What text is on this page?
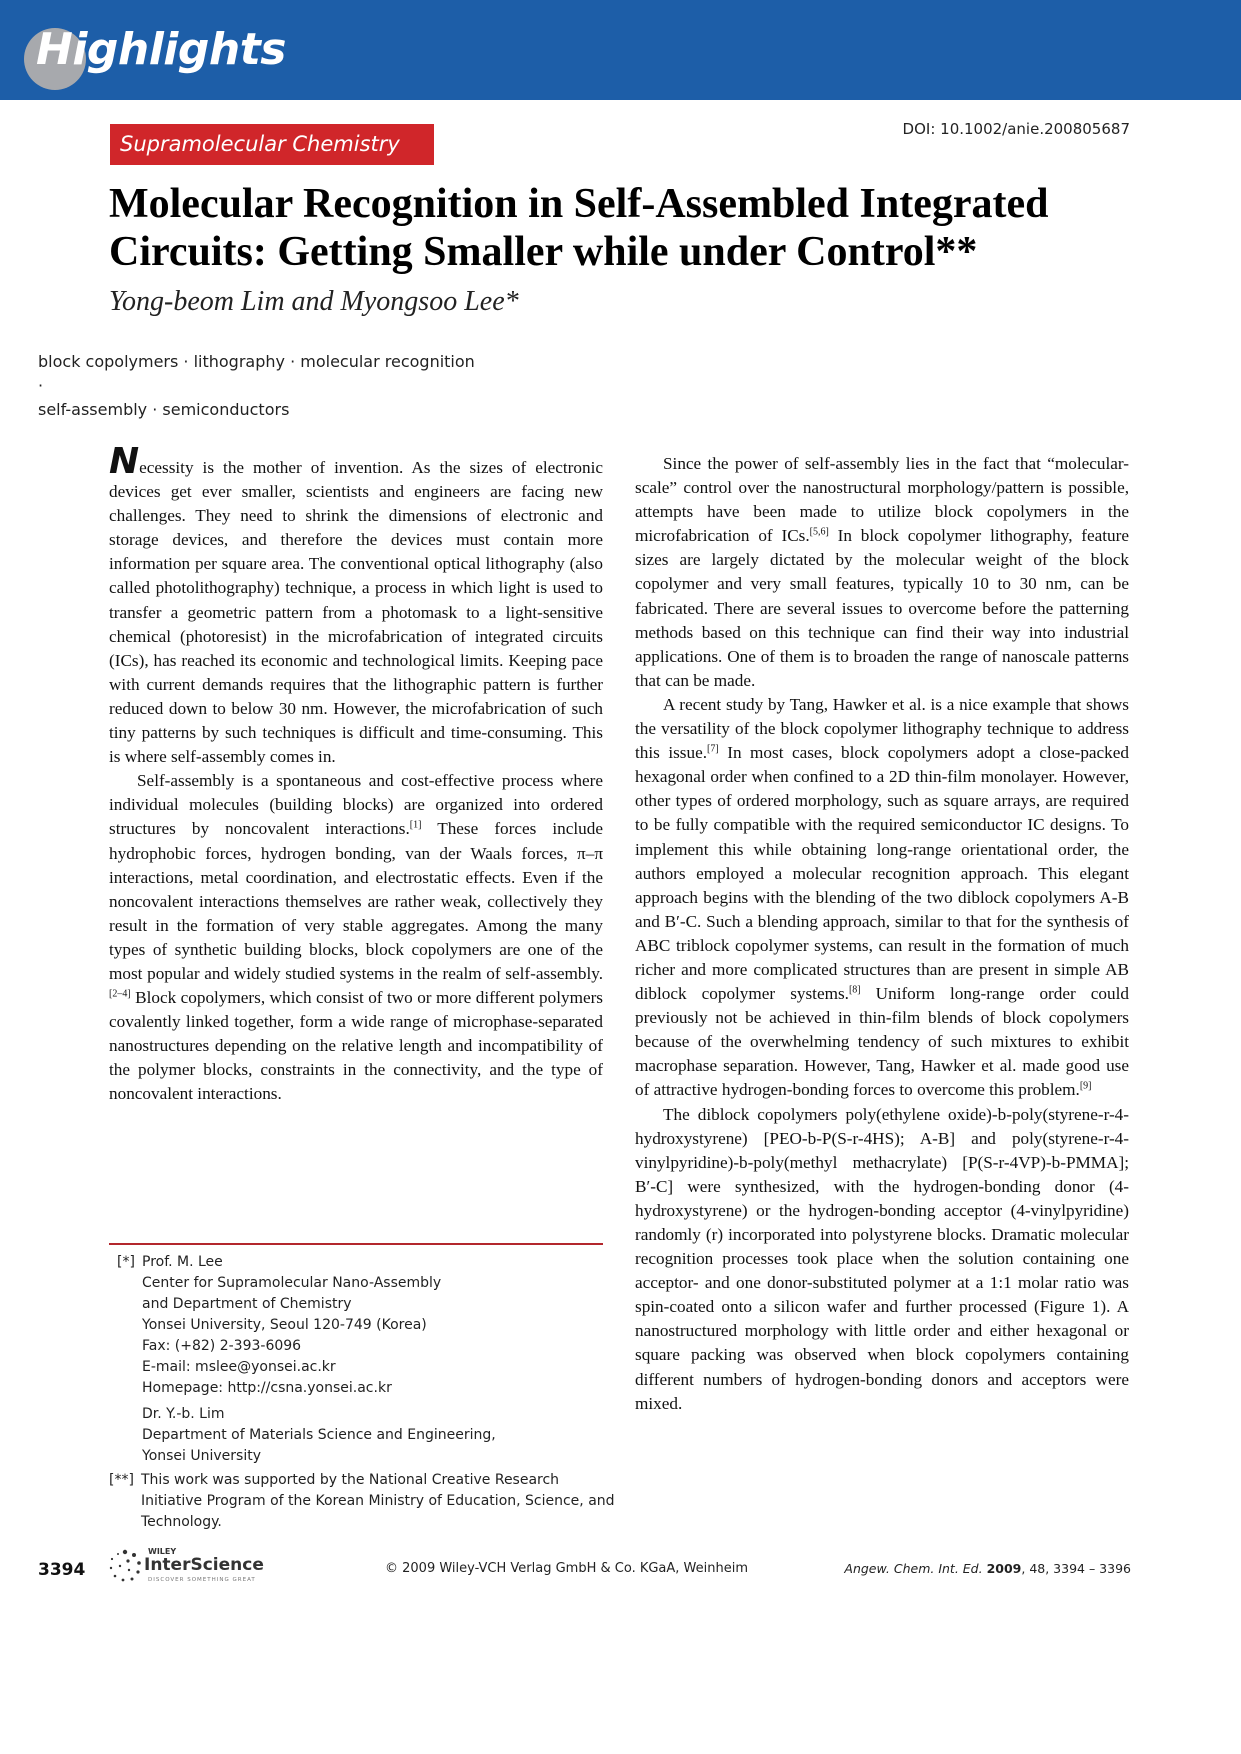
Highlights
Supramolecular Chemistry
DOI: 10.1002/anie.200805687
Molecular Recognition in Self-Assembled Integrated
Circuits: Getting Smaller while under Control**
Yong-beom Lim and Myongsoo Lee*
block copolymers · lithography · molecular recognition ·
self-assembly · semiconductors

Necessity is the mother of invention. As the sizes of electronic devices get ever smaller, scientists and engineers are facing new challenges. They need to shrink the dimensions of electronic and storage devices, and therefore the devices must contain more information per square area. The conventional optical lithography (also called photolithography) technique, a process in which light is used to transfer a geometric pattern from a photomask to a light-sensitive chemical (photoresist) in the microfabrication of integrated circuits (ICs), has reached its economic and technological limits. Keeping pace with current demands requires that the lithographic pattern is further reduced down to below 30 nm. However, the microfabrication of such tiny patterns by such techniques is difficult and time-consuming. This is where self-assembly comes in.

Self-assembly is a spontaneous and cost-effective process where individual molecules (building blocks) are organized into ordered structures by noncovalent interactions.[1] These forces include hydrophobic forces, hydrogen bonding, van der Waals forces, π–π interactions, metal coordination, and electrostatic effects. Even if the noncovalent interactions themselves are rather weak, collectively they result in the formation of very stable aggregates. Among the many types of synthetic building blocks, block copolymers are one of the most popular and widely studied systems in the realm of self-assembly.[2–4] Block copolymers, which consist of two or more different polymers covalently linked together, form a wide range of microphase-separated nanostructures depending on the relative length and incompatibility of the polymer blocks, constraints in the connectivity, and the type of noncovalent interactions.

Since the power of self-assembly lies in the fact that “molecular-scale” control over the nanostructural morphology/pattern is possible, attempts have been made to utilize block copolymers in the microfabrication of ICs.[5,6] In block copolymer lithography, feature sizes are largely dictated by the molecular weight of the block copolymer and very small features, typically 10 to 30 nm, can be fabricated. There are several issues to overcome before the patterning methods based on this technique can find their way into industrial applications. One of them is to broaden the range of nanoscale patterns that can be made.

A recent study by Tang, Hawker et al. is a nice example that shows the versatility of the block copolymer lithography technique to address this issue.[7] In most cases, block copolymers adopt a close-packed hexagonal order when confined to a 2D thin-film monolayer. However, other types of ordered morphology, such as square arrays, are required to be fully compatible with the required semiconductor IC designs. To implement this while obtaining long-range orientational order, the authors employed a molecular recognition approach. This elegant approach begins with the blending of the two diblock copolymers A-B and B′-C. Such a blending approach, similar to that for the synthesis of ABC triblock copolymer systems, can result in the formation of much richer and more complicated structures than are present in simple AB diblock copolymer systems.[8] Uniform long-range order could previously not be achieved in thin-film blends of block copolymers because of the overwhelming tendency of such mixtures to exhibit macrophase separation. However, Tang, Hawker et al. made good use of attractive hydrogen-bonding forces to overcome this problem.[9]

The diblock copolymers poly(ethylene oxide)-b-poly(styrene-r-4-hydroxystyrene) [PEO-b-P(S-r-4HS); A-B] and poly(styrene-r-4-vinylpyridine)-b-poly(methyl methacrylate) [P(S-r-4VP)-b-PMMA]; B′-C] were synthesized, with the hydrogen-bonding donor (4-hydroxystyrene) or the hydrogen-bonding acceptor (4-vinylpyridine) randomly (r) incorporated into polystyrene blocks. Dramatic molecular recognition processes took place when the solution containing one acceptor- and one donor-substituted polymer at a 1:1 molar ratio was spin-coated onto a silicon wafer and further processed (Figure 1). A nanostructured morphology with little order and either hexagonal or square packing was observed when block copolymers containing different numbers of hydrogen-bonding donors and acceptors were mixed.

[*] Prof. M. Lee
Center for Supramolecular Nano-Assembly
and Department of Chemistry
Yonsei University, Seoul 120-749 (Korea)
Fax: (+82) 2-393-6096
E-mail: mslee@yonsei.ac.kr
Homepage: http://csna.yonsei.ac.kr
Dr. Y.-b. Lim
Department of Materials Science and Engineering,
Yonsei University
[**] This work was supported by the National Creative Research
Initiative Program of the Korean Ministry of Education, Science, and
Technology.
3394
WILEY
InterScience
DISCOVER SOMETHING GREAT
© 2009 Wiley-VCH Verlag GmbH & Co. KGaA, Weinheim	Angew. Chem. Int. Ed. 2009, 48, 3394 – 3396
